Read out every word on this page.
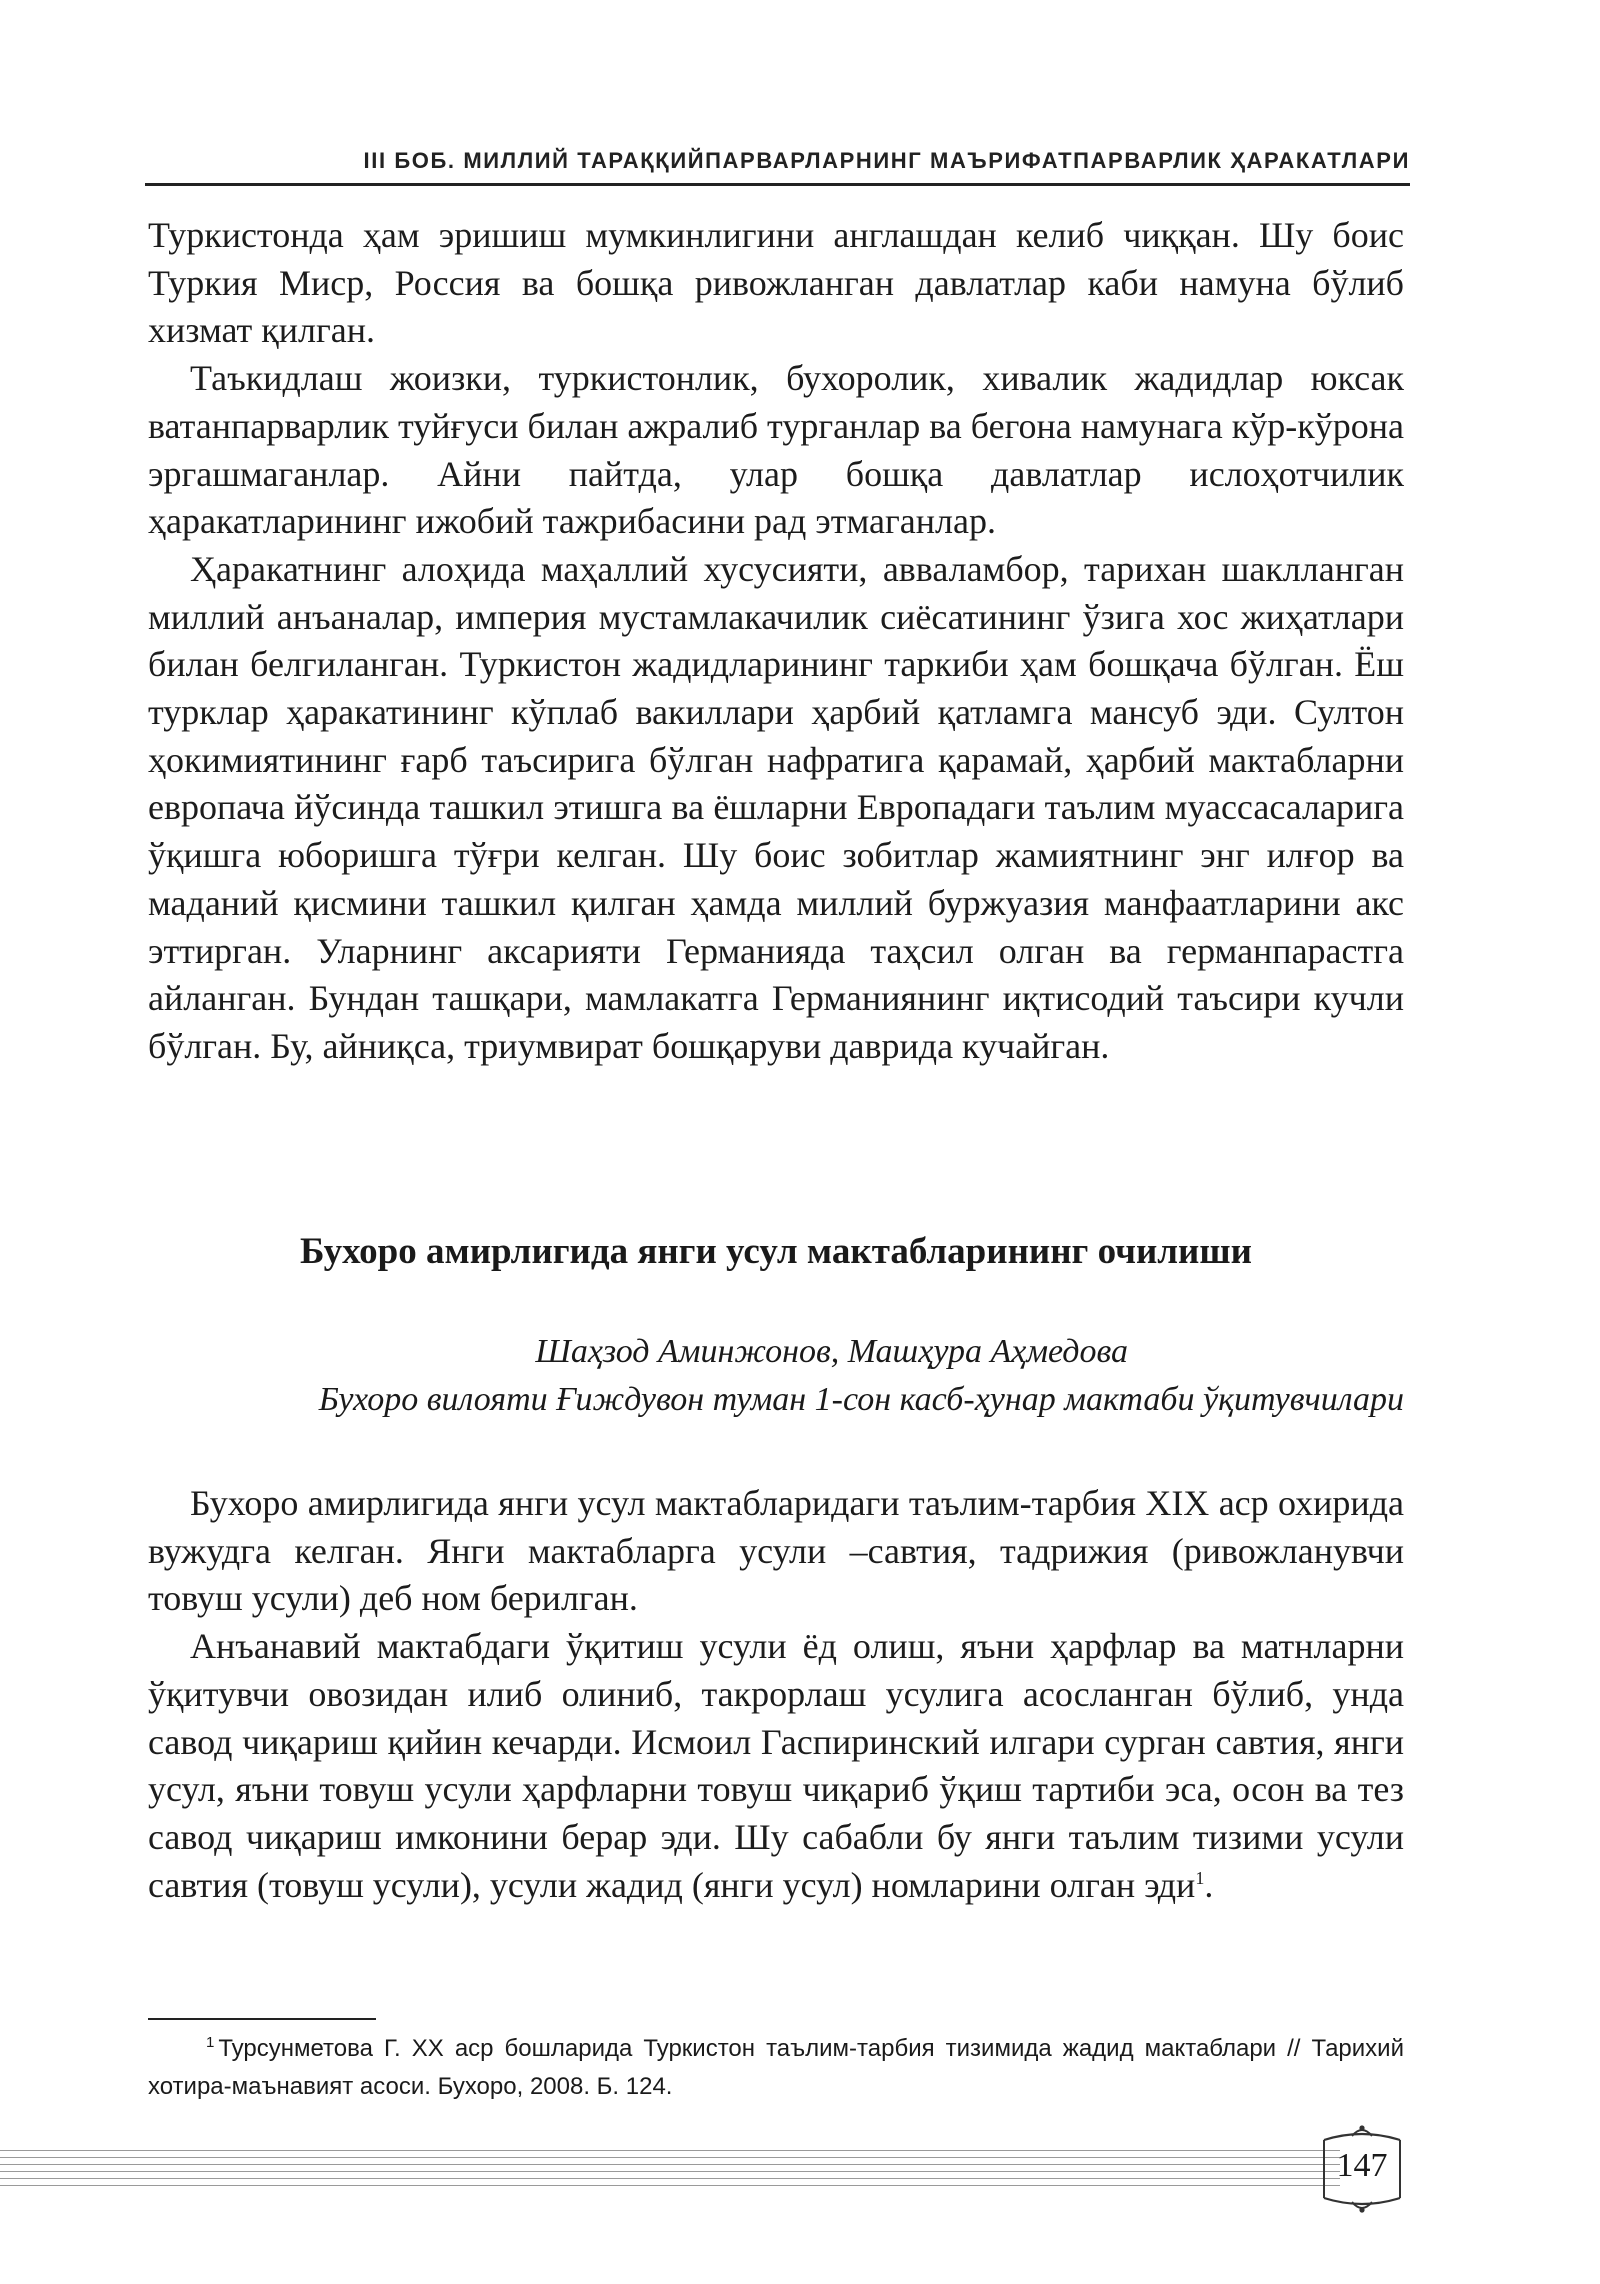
III БОБ. МИЛЛИЙ ТАРАҚҚИЙПАРВАРЛАРНИНГ МАЪРИФАТПАРВАРЛИК ҲАРАКАТЛАРИ

Туркистонда ҳам эришиш мумкинлигини англашдан келиб чиққан. Шу боис Туркия Миср, Россия ва бошқа ривожланган давлатлар каби намуна бўлиб хизмат қилган.

Таъкидлаш жоизки, туркистонлик, бухоролик, хивалик жадидлар юксак ватанпарварлик туйғуси билан ажралиб турганлар ва бегона намунага кўр-кўрона эргашмаганлар. Айни пайтда, улар бошқа давлатлар ислоҳотчилик ҳаракатларининг ижобий тажрибасини рад этмаганлар.

Ҳаракатнинг алоҳида маҳаллий хусусияти, авваламбор, тарихан шаклланган миллий анъаналар, империя мустамлакачилик сиёсатининг ўзига хос жиҳатлари билан белгиланган. Туркистон жадидларининг таркиби ҳам бошқача бўлган. Ёш турклар ҳаракатининг кўплаб вакиллари ҳарбий қатламга мансуб эди. Султон ҳокимиятининг ғарб таъсирига бўлган нафратига қарамай, ҳарбий мактабларни европача йўсинда ташкил этишга ва ёшларни Европадаги таълим муассасаларига ўқишга юборишга тўғри келган. Шу боис зобитлар жамиятнинг энг илғор ва маданий қисмини ташкил қилган ҳамда миллий буржуазия манфаатларини акс эттирган. Уларнинг аксарияти Германияда таҳсил олган ва германпарастга айланган. Бундан ташқари, мамлакатга Германиянинг иқтисодий таъсири кучли бўлган. Бу, айниқса, триумвират бошқаруви даврида кучайган.

Бухоро амирлигида янги усул мактабларининг очилиши
Шаҳзод Аминжонов, Машҳура Аҳмедова
Бухоро вилояти Ғиждувон туман 1-сон касб-ҳунар мактаби ўқитувчилари

Бухоро амирлигида янги усул мактабларидаги таълим-тарбия XIX аср охирида вужудга келган. Янги мактабларга усули –савтия, тадрижия (ривожланувчи товуш усули) деб ном берилган.

Анъанавий мактабдаги ўқитиш усули ёд олиш, яъни ҳарфлар ва матнларни ўқитувчи овозидан илиб олиниб, такрорлаш усулига асосланган бўлиб, унда савод чиқариш қийин кечарди. Исмоил Гаспиринский илгари сурган савтия, янги усул, яъни товуш усули ҳарфларни товуш чиқариб ўқиш тартиби эса, осон ва тез савод чиқариш имконини берар эди. Шу сабабли бу янги таълим тизими усули савтия (товуш усули), усули жадид (янги усул) номларини олган эди$^1$.

$^1$ Турсунметова Г. ХХ аср бошларида Туркистон таълим-тарбия тизимида жадид мактаблари // Тарихий хотира-маънавият асоси. Бухоро, 2008. Б. 124.

147
